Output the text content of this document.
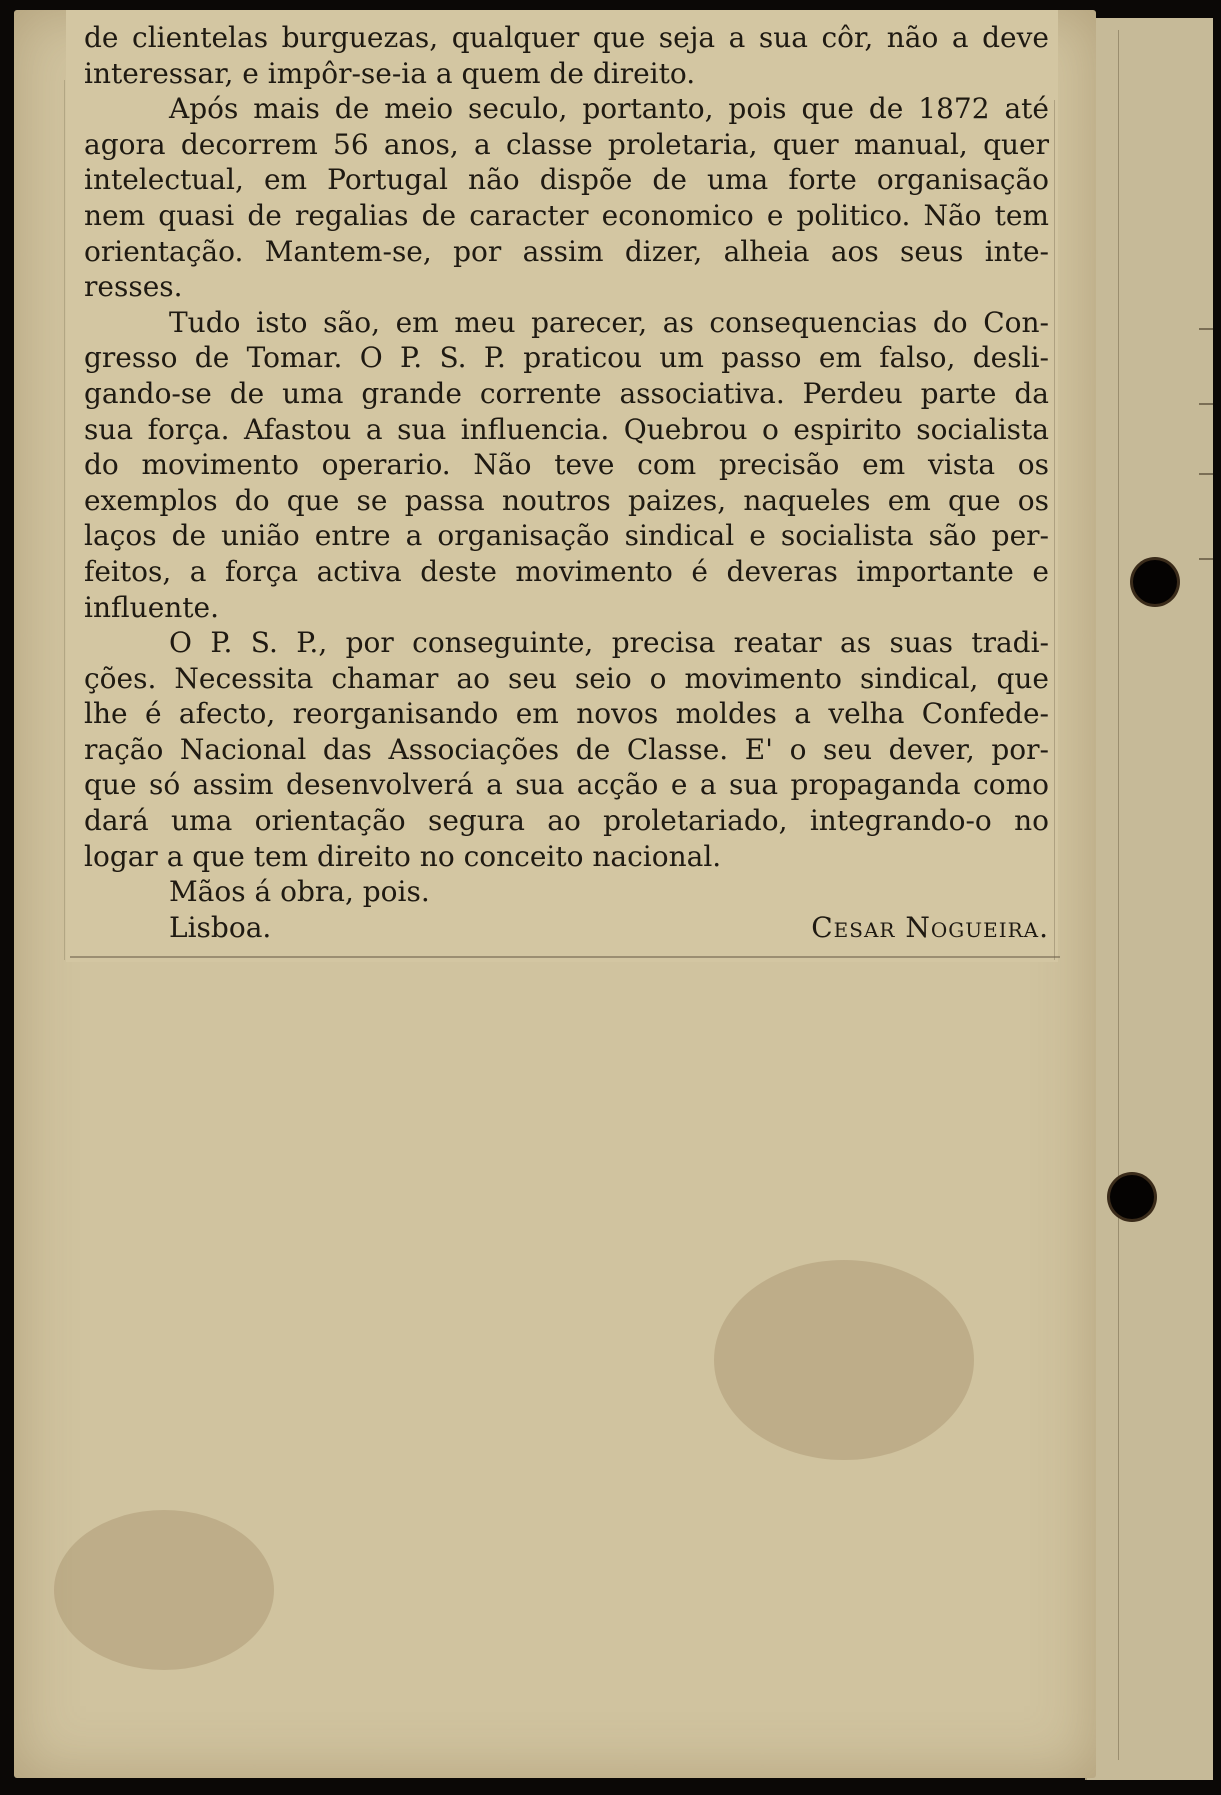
de clientelas burguezas, qualquer que seja a sua côr, não a deve
interessar, e impôr-se-ia a quem de direito.
Após mais de meio seculo, portanto, pois que de 1872 até
agora decorrem 56 anos, a classe proletaria, quer manual, quer
intelectual, em Portugal não dispõe de uma forte organisação
nem quasi de regalias de caracter economico e politico. Não tem
orientação. Mantem-se, por assim dizer, alheia aos seus inte-
resses.
Tudo isto são, em meu parecer, as consequencias do Con-
gresso de Tomar. O P. S. P. praticou um passo em falso, desli-
gando-se de uma grande corrente associativa. Perdeu parte da
sua força. Afastou a sua influencia. Quebrou o espirito socialista
do movimento operario. Não teve com precisão em vista os
exemplos do que se passa noutros paizes, naqueles em que os
laços de união entre a organisação sindical e socialista são per-
feitos, a força activa deste movimento é deveras importante e
influente.
O P. S. P., por conseguinte, precisa reatar as suas tradi-
ções. Necessita chamar ao seu seio o movimento sindical, que
lhe é afecto, reorganisando em novos moldes a velha Confede-
ração Nacional das Associações de Classe. E' o seu dever, por-
que só assim desenvolverá a sua acção e a sua propaganda como
dará uma orientação segura ao proletariado, integrando-o no
logar a que tem direito no conceito nacional.
Mãos á obra, pois.
Lisboa.	Cesar Nogueira.
